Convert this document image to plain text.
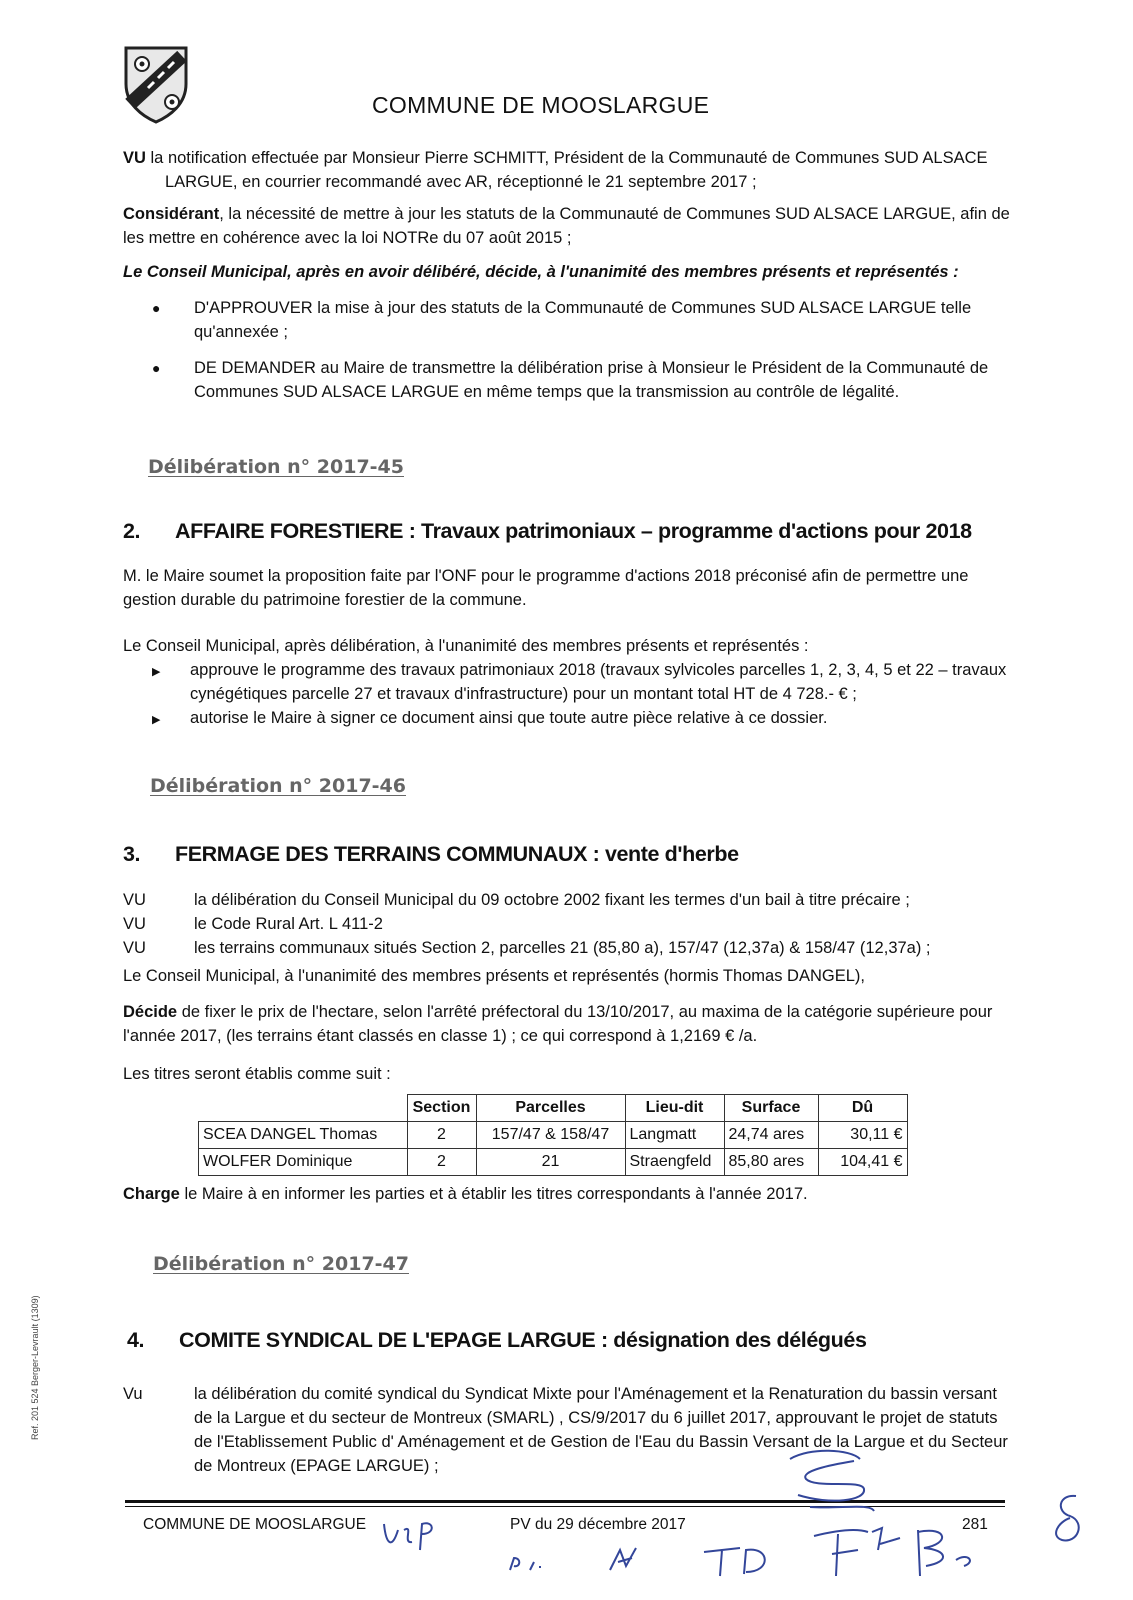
COMMUNE DE MOOSLARGUE

VU la notification effectuée par Monsieur Pierre SCHMITT, Président de la Communauté de Communes SUD ALSACE LARGUE, en courrier recommandé avec AR, réceptionné le 21 septembre 2017 ;

Considérant, la nécessité de mettre à jour les statuts de la Communauté de Communes SUD ALSACE LARGUE, afin de les mettre en cohérence avec la loi NOTRe du 07 août 2015 ;

Le Conseil Municipal, après en avoir délibéré, décide, à l'unanimité des membres présents et représentés :

●	D'APPROUVER la mise à jour des statuts de la Communauté de Communes SUD ALSACE LARGUE telle qu'annexée ;
●	DE DEMANDER au Maire de transmettre la délibération prise à Monsieur le Président de la Communauté de Communes SUD ALSACE LARGUE en même temps que la transmission au contrôle de légalité.
Délibération n° 2017-45
2. AFFAIRE FORESTIERE : Travaux patrimoniaux – programme d'actions pour 2018

M. le Maire soumet la proposition faite par l'ONF pour le programme d'actions 2018 préconisé afin de permettre une gestion durable du patrimoine forestier de la commune.

Le Conseil Municipal, après délibération, à l'unanimité des membres présents et représentés :

▶	approuve le programme des travaux patrimoniaux 2018 (travaux sylvicoles parcelles 1, 2, 3, 4, 5 et 22 – travaux cynégétiques parcelle 27 et travaux d'infrastructure) pour un montant total HT de 4 728.- € ;
▶	autorise le Maire à signer ce document ainsi que toute autre pièce relative à ce dossier.
Délibération n° 2017-46
3. FERMAGE DES TERRAINS COMMUNAUX : vente d'herbe
VU	la délibération du Conseil Municipal du 09 octobre 2002 fixant les termes d'un bail à titre précaire ;
VU	le Code Rural Art. L 411-2
VU	les terrains communaux situés Section 2, parcelles 21 (85,80 a), 157/47 (12,37a) & 158/47 (12,37a) ;

Le Conseil Municipal, à l'unanimité des membres présents et représentés (hormis Thomas DANGEL),

Décide de fixer le prix de l'hectare, selon l'arrêté préfectoral du 13/10/2017, au maxima de la catégorie supérieure pour l'année 2017, (les terrains étant classés en classe 1) ; ce qui correspond à 1,2169 € /a.

Les titres seront établis comme suit :

	Section	Parcelles	Lieu-dit	Surface	Dû
SCEA DANGEL Thomas	2	157/47 & 158/47	Langmatt	24,74 ares	30,11 €
WOLFER Dominique	2	21	Straengfeld	85,80 ares	104,41 €

Charge le Maire à en informer les parties et à établir les titres correspondants à l'année 2017.

Délibération n° 2017-47
4. COMITE SYNDICAL DE L'EPAGE LARGUE : désignation des délégués
Vu	la délibération du comité syndical du Syndicat Mixte pour l'Aménagement et la Renaturation du bassin versant de la Largue et du secteur de Montreux (SMARL) , CS/9/2017 du 6 juillet 2017, approuvant le projet de statuts de l'Etablissement Public d' Aménagement et de Gestion de l'Eau du Bassin Versant de la Largue et du Secteur de Montreux (EPAGE LARGUE) ;
COMMUNE DE MOOSLARGUE	PV du 29 décembre 2017	281
Ref. 201 524 Berger-Levrault (1309)
